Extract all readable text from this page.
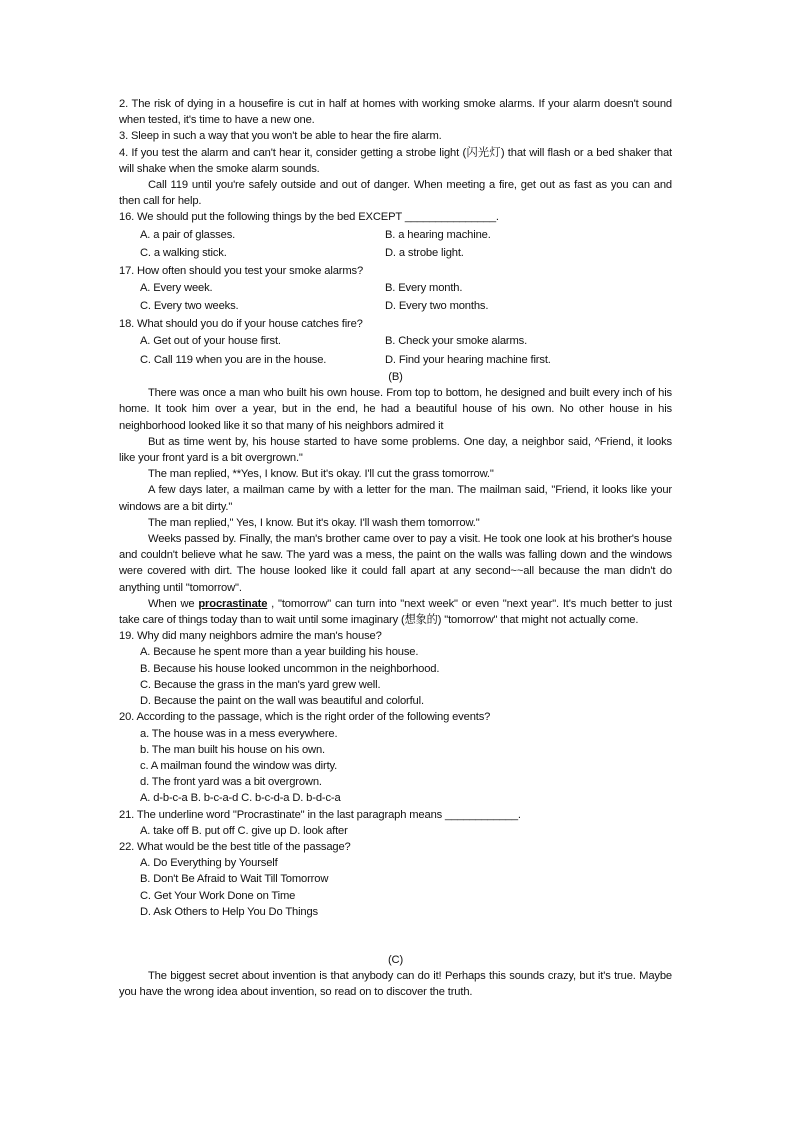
2. The risk of dying in a housefire is cut in half at homes with working smoke alarms. If your alarm doesn't sound when tested, it's time to have a new one.

3. Sleep in such a way that you won't be able to hear the fire alarm.

4. If you test the alarm and can't hear it, consider getting a strobe light (闪光灯) that will flash or a bed shaker that will shake when the smoke alarm sounds.

Call 119 until you're safely outside and out of danger. When meeting a fire, get out as fast as you can and then call for help.

16. We should put the following things by the bed EXCEPT _______________.

A. a pair of glasses.	B. a hearing machine.
C. a walking stick.	D. a strobe light.

17. How often should you test your smoke alarms?

A. Every week.	B. Every month.
C. Every two weeks.	D. Every two months.

18. What should you do if your house catches fire?

A. Get out of your house first.	B. Check your smoke alarms.
C. Call 119 when you are in the house.	D. Find your hearing machine first.

(B)

There was once a man who built his own house. From top to bottom, he designed and built every inch of his home. It took him over a year, but in the end, he had a beautiful house of his own. No other house in his neighborhood looked like it so that many of his neighbors admired it

But as time went by, his house started to have some problems. One day, a neighbor said, ^Friend, it looks like your front yard is a bit overgrown."

The man replied, **Yes, I know. But it's okay. I'll cut the grass tomorrow."

A few days later, a mailman came by with a letter for the man. The mailman said, "Friend, it looks like your windows are a bit dirty."

The man replied," Yes, I know. But it's okay. I'll wash them tomorrow."

Weeks passed by. Finally, the man's brother came over to pay a visit. He took one look at his brother's house and couldn't believe what he saw. The yard was a mess, the paint on the walls was falling down and the windows were covered with dirt. The house looked like it could fall apart at any second~~all because the man didn't do anything until "tomorrow".

When we procrastinate , "tomorrow" can turn into "next week" or even "next year". It's much better to just take care of things today than to wait until some imaginary (想象的) "tomorrow" that might not actually come.

19. Why did many neighbors admire the man's house?

A. Because he spent more than a year building his house.

B. Because his house looked uncommon in the neighborhood.

C. Because the grass in the man's yard grew well.

D. Because the paint on the wall was beautiful and colorful.

20. According to the passage, which is the right order of the following events?

a. The house was in a mess everywhere.

b. The man built his house on his own.

c. A mailman found the window was dirty.

d. The front yard was a bit overgrown.

A. d-b-c-a B. b-c-a-d C. b-c-d-a D. b-d-c-a

21. The underline word "Procrastinate" in the last paragraph means ____________.

A. take off B. put off C. give up D. look after

22. What would be the best title of the passage?

A. Do Everything by Yourself

B. Don't Be Afraid to Wait Till Tomorrow

C. Get Your Work Done on Time

D. Ask Others to Help You Do Things

(C)

The biggest secret about invention is that anybody can do it! Perhaps this sounds crazy, but it's true. Maybe you have the wrong idea about invention, so read on to discover the truth.
